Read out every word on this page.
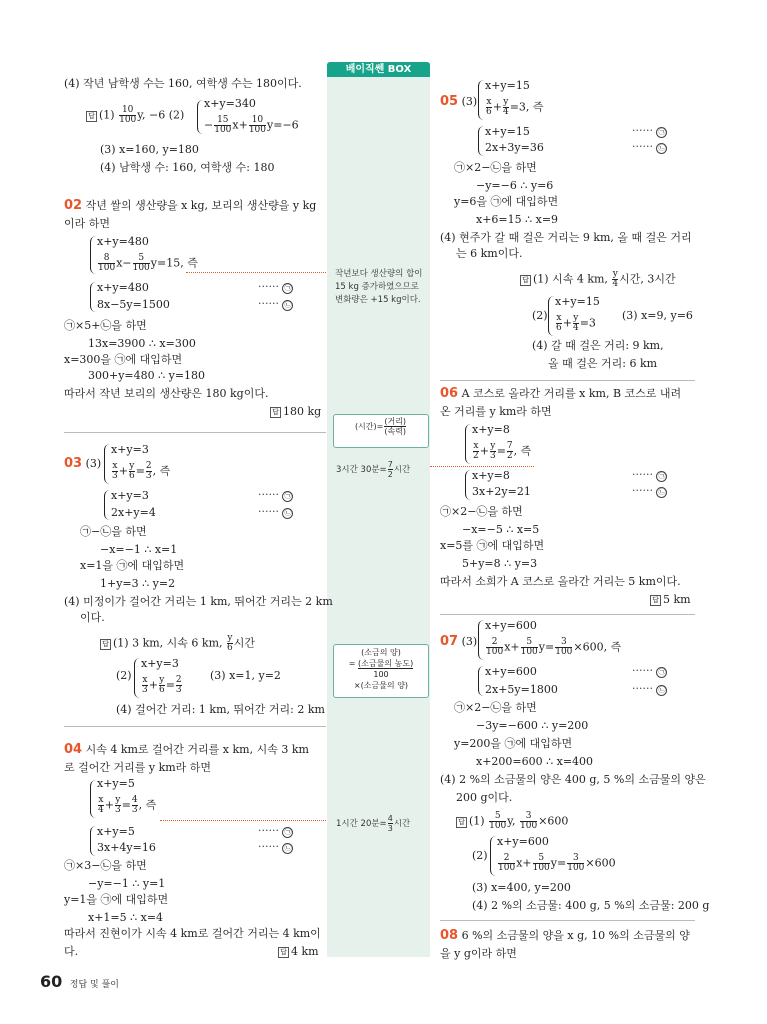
베이직쎈 BOX
(4) 작년 남학생 수는 160, 여학생 수는 180이다.
답 $(1) \frac{10}{100} y$, −6 (2)
x+y=340
− $\frac{15}{100} x+ \frac{10}{100} y=-6$
(3) x=160, y=180
(4) 남학생 수: 160, 여학생 수: 180
02 작년 쌀의 생산량을 x kg, 보리의 생산량을 y kg
이라 하면
x+y=480
$\frac{8}{100} x- \frac{5}{100} y=15$, 즉
x+y=480
8x−5y=1500
······ ㉠
······ ㉡
㉠×5+㉡을 하면
13x=3900 ∴ x=300
x=300을 ㉠에 대입하면
300+y=480 ∴ y=180
따라서 작년 보리의 생산량은 180 kg이다.
답 180 kg
03 (3)
x+y=3
$\frac{x}{3} + \frac{y}{6} = \frac{2}{3}$ , 즉
x+y=3
2x+y=4
······ ㉠
······ ㉡
㉠−㉡을 하면
−x=−1 ∴ x=1
x=1을 ㉠에 대입하면
1+y=3 ∴ y=2
(4) 미정이가 걸어간 거리는 1 km, 뛰어간 거리는 2 km
이다.
답 (1) 3 km, 시속 6 km, $\frac{y}{6}$ 시간
(2)
x+y=3
$\frac{x}{3} + \frac{y}{6} = \frac{2}{3}$
(3) x=1, y=2
(4) 걸어간 거리: 1 km, 뛰어간 거리: 2 km
04 시속 4 km로 걸어간 거리를 x km, 시속 3 km
로 걸어간 거리를 y km라 하면
x+y=5
$\frac{x}{4} + \frac{y}{3} = \frac{4}{3}$ , 즉
x+y=5
3x+4y=16
······ ㉠
······ ㉡
㉠×3−㉡을 하면
−y=−1 ∴ y=1
y=1을 ㉠에 대입하면
x+1=5 ∴ x=4
따라서 진현이가 시속 4 km로 걸어간 거리는 4 km이
다.	답 4 km
작년보다 생산량의 합이
15 kg 증가하였으므로
변화량은 +15 kg이다.
(시간)= $\frac{\text{(거리)}}{\text{(속력)}}$
3시간 30분= $\frac{7}{2}$ 시간
(소금의 양)
= (소금물의 농도)
100
×(소금물의 양)
1시간 20분= $\frac{4}{3}$ 시간
05 (3)
x+y=15
$\frac{x}{6} + \frac{y}{4} =3$, 즉
x+y=15
2x+3y=36
······ ㉠
······ ㉡
㉠×2−㉡을 하면
−y=−6 ∴ y=6
y=6을 ㉠에 대입하면
x+6=15 ∴ x=9
(4) 현주가 갈 때 걸은 거리는 9 km, 올 때 걸은 거리
는 6 km이다.
답 (1) 시속 4 km, $\frac{y}{4}$ 시간, 3시간
(2)
x+y=15
$\frac{x}{6} + \frac{y}{4} =3$
(3) x=9, y=6
(4) 갈 때 걸은 거리: 9 km,
올 때 걸은 거리: 6 km
06 A 코스로 올라간 거리를 x km, B 코스로 내려
온 거리를 y km라 하면
x+y=8
$\frac{x}{2} + \frac{y}{3} = \frac{7}{2}$ , 즉
x+y=8
3x+2y=21
······ ㉠
······ ㉡
㉠×2−㉡을 하면
−x=−5 ∴ x=5
x=5를 ㉠에 대입하면
5+y=8 ∴ y=3
따라서 소희가 A 코스로 올라간 거리는 5 km이다.
답 5 km
07 (3)
x+y=600
$\frac{2}{100} x+ \frac{5}{100} y= \frac{3}{100} \times 600$, 즉
x+y=600
2x+5y=1800
······ ㉠
······ ㉡
㉠×2−㉡을 하면
−3y=−600 ∴ y=200
y=200을 ㉠에 대입하면
x+200=600 ∴ x=400
(4) 2 %의 소금물의 양은 400 g, 5 %의 소금물의 양은
200 g이다.
답 $(1) \frac{5}{100} y$, $\frac{3}{100} \times 600$
(2)
x+y=600
$\frac{2}{100} x+ \frac{5}{100} y= \frac{3}{100} \times 600$
(3) x=400, y=200
(4) 2 %의 소금물: 400 g, 5 %의 소금물: 200 g
08 6 %의 소금물의 양을 x g, 10 %의 소금물의 양
을 y g이라 하면
60 정답 및 풀이
